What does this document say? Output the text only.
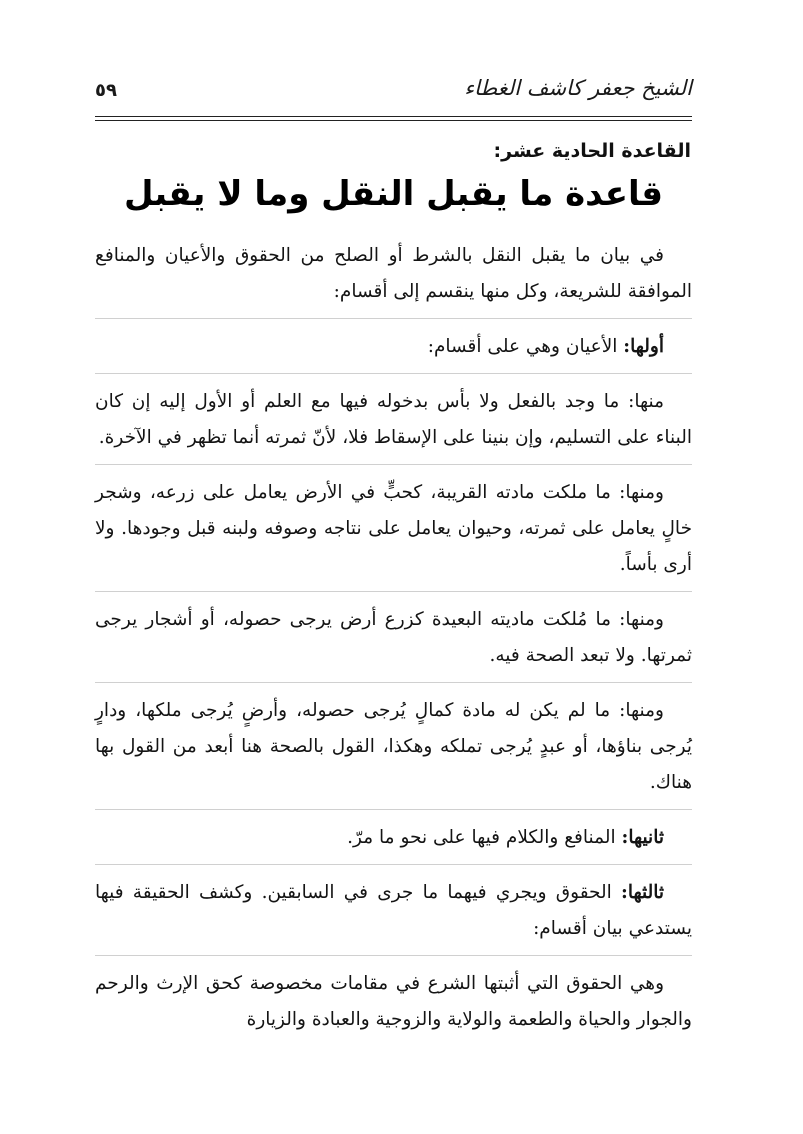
الشيخ جعفر كاشف الغطاء
٥٩
القاعدة الحادية عشر:
قاعدة ما يقبل النقل وما لا يقبل

في بيان ما يقبل النقل بالشرط أو الصلح من الحقوق والأعيان والمنافع الموافقة للشريعة، وكل منها ينقسم إلى أقسام:

أولها: الأعيان وهي على أقسام:

منها: ما وجد بالفعل ولا بأس بدخوله فيها مع العلم أو الأول إليه إن كان البناء على التسليم، وإن بنينا على الإسقاط فلا، لأنّ ثمرته أنما تظهر في الآخرة.

ومنها: ما ملكت مادته القريبة، كحبٍّ في الأرض يعامل على زرعه، وشجر خالٍ يعامل على ثمرته، وحيوان يعامل على نتاجه وصوفه ولبنه قبل وجودها. ولا أرى بأساً.

ومنها: ما مُلكت ماديته البعيدة كزرع أرض يرجى حصوله، أو أشجار يرجى ثمرتها. ولا تبعد الصحة فيه.

ومنها: ما لم يكن له مادة كمالٍ يُرجى حصوله، وأرضٍ يُرجى ملكها، ودارٍ يُرجى بناؤها، أو عبدٍ يُرجى تملكه وهكذا، القول بالصحة هنا أبعد من القول بها هناك.

ثانيها: المنافع والكلام فيها على نحو ما مرّ.

ثالثها: الحقوق ويجري فيهما ما جرى في السابقين. وكشف الحقيقة فيها يستدعي بيان أقسام:

وهي الحقوق التي أثبتها الشرع في مقامات مخصوصة كحق الإرث والرحم والجوار والحياة والطعمة والولاية والزوجية والعبادة والزيارة
